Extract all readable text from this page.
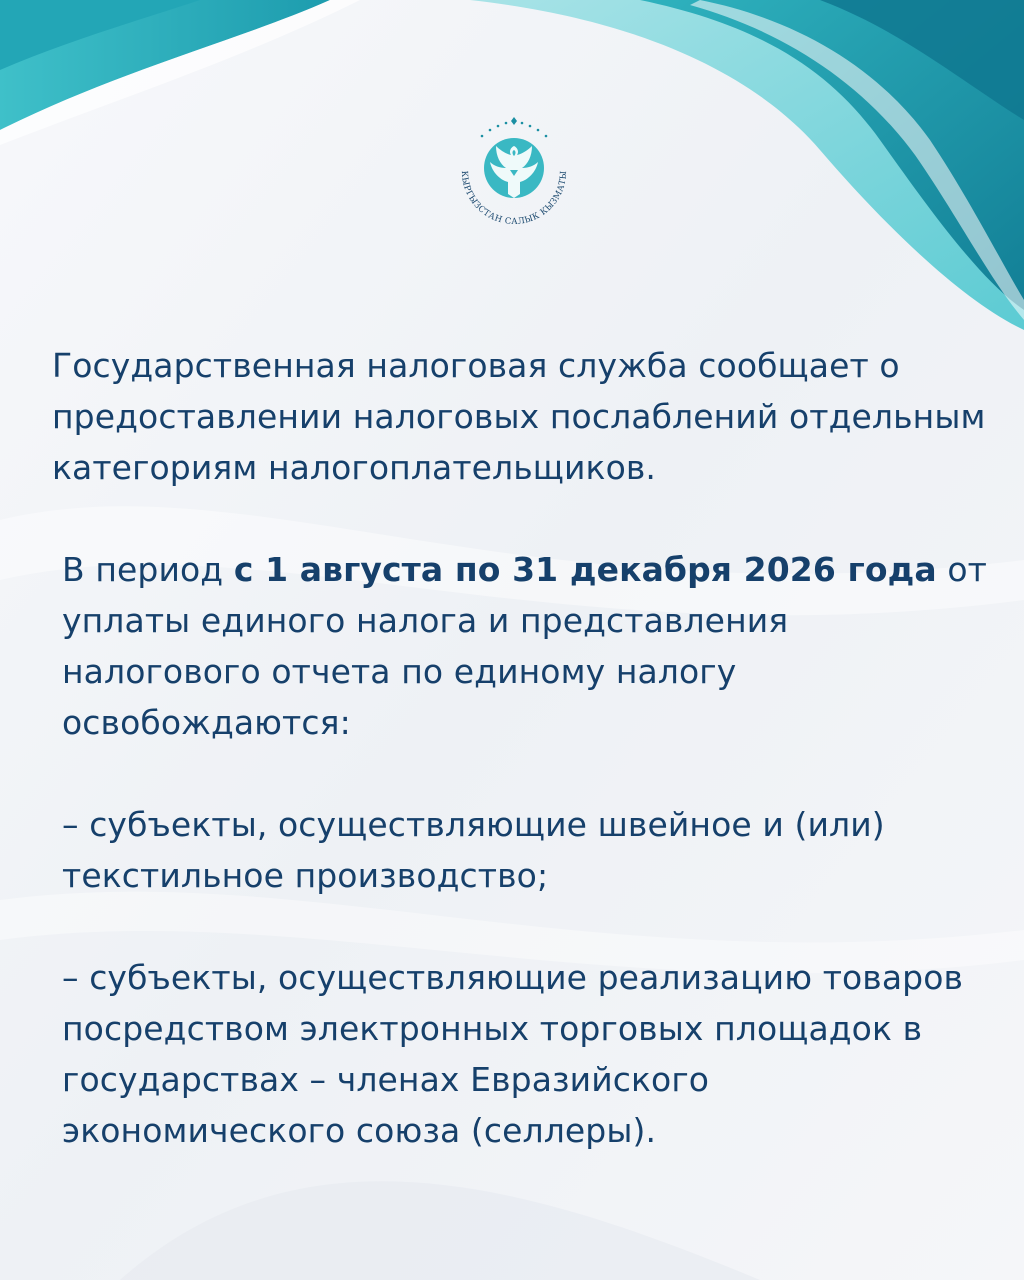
КЫРГЫЗСТАН САЛЫК КЫЗМАТЫ

Государственная налоговая служба сообщает о предоставлении налоговых послаблений отдельным категориям налогоплательщиков.

В период с 1 августа по 31 декабря 2026 года от уплаты единого налога и представления налогового отчета по единому налогу освобождаются:

– субъекты, осуществляющие швейное и (или) текстильное производство;

– субъекты, осуществляющие реализацию товаров посредством электронных торговых площадок в государствах – членах Евразийского экономического союза (селлеры).
